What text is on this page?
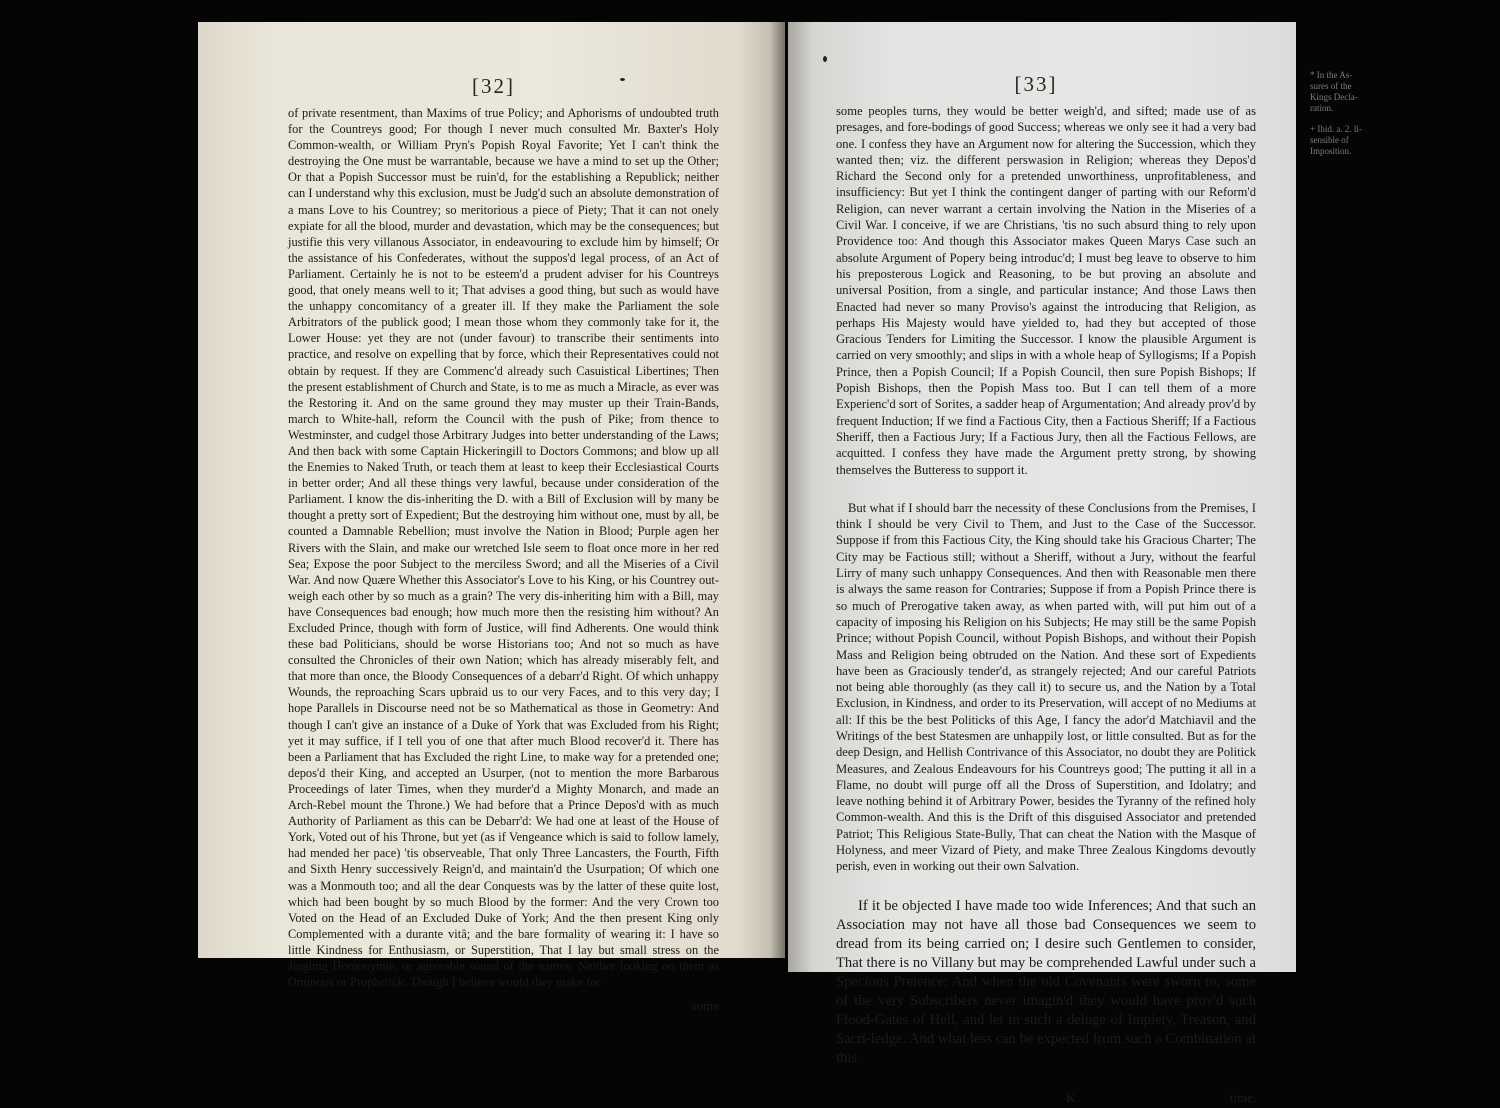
[32]

of private resentment, than Maxims of true Policy; and Aphorisms of undoubted truth for the Countreys good; For though I never much consulted Mr. Baxter's Holy Common-wealth, or William Pryn's Popish Royal Favorite; Yet I can't think the destroying the One must be warrantable, because we have a mind to set up the Other; Or that a Popish Successor must be ruin'd, for the establishing a Republick; neither can I understand why this exclusion, must be Judg'd such an absolute demonstration of a mans Love to his Countrey; so meritorious a piece of Piety; That it can not onely expiate for all the blood, murder and devastation, which may be the consequences; but justifie this very villanous Associator, in endeavouring to exclude him by himself; Or the assistance of his Confederates, without the suppos'd legal process, of an Act of Parliament. Certainly he is not to be esteem'd a prudent adviser for his Countreys good, that onely means well to it; That advises a good thing, but such as would have the unhappy concomitancy of a greater ill. If they make the Parliament the sole Arbitrators of the publick good; I mean those whom they commonly take for it, the Lower House: yet they are not (under favour) to transcribe their sentiments into practice, and resolve on expelling that by force, which their Representatives could not obtain by request. If they are Commenc'd already such Casuistical Libertines; Then the present establishment of Church and State, is to me as much a Miracle, as ever was the Restoring it. And on the same ground they may muster up their Train-Bands, march to White-hall, reform the Council with the push of Pike; from thence to Westminster, and cudgel those Arbitrary Judges into better understanding of the Laws; And then back with some Captain Hickeringill to Doctors Commons; and blow up all the Enemies to Naked Truth, or teach them at least to keep their Ecclesiastical Courts in better order; And all these things very lawful, because under consideration of the Parliament. I know the dis-inheriting the D. with a Bill of Exclusion will by many be thought a pretty sort of Expedient; But the destroying him without one, must by all, be counted a Damnable Rebellion; must involve the Nation in Blood; Purple agen her Rivers with the Slain, and make our wretched Isle seem to float once more in her red Sea; Expose the poor Subject to the merciless Sword; and all the Miseries of a Civil War. And now Quære Whether this Associator's Love to his King, or his Countrey out-weigh each other by so much as a grain? The very dis-inheriting him with a Bill, may have Consequences bad enough; how much more then the resisting him without? An Excluded Prince, though with form of Justice, will find Adherents. One would think these bad Politicians, should be worse Historians too; And not so much as have consulted the Chronicles of their own Nation; which has already miserably felt, and that more than once, the Bloody Consequences of a debarr'd Right. Of which unhappy Wounds, the reproaching Scars upbraid us to our very Faces, and to this very day; I hope Parallels in Discourse need not be so Mathematical as those in Geometry: And though I can't give an instance of a Duke of York that was Excluded from his Right; yet it may suffice, if I tell you of one that after much Blood recover'd it. There has been a Parliament that has Excluded the right Line, to make way for a pretended one; depos'd their King, and accepted an Usurper, (not to mention the more Barbarous Proceedings of later Times, when they murder'd a Mighty Monarch, and made an Arch-Rebel mount the Throne.) We had before that a Prince Depos'd with as much Authority of Parliament as this can be Debarr'd: We had one at least of the House of York, Voted out of his Throne, but yet (as if Vengeance which is said to follow lamely, had mended her pace) 'tis observeable, That only Three Lancasters, the Fourth, Fifth and Sixth Henry successively Reign'd, and maintain'd the Usurpation; Of which one was a Monmouth too; and all the dear Conquests was by the latter of these quite lost, which had been bought by so much Blood by the former: And the very Crown too Voted on the Head of an Excluded Duke of York; And the then present King only Complemented with a durante vitâ; and the bare formality of wearing it: I have so little Kindness for Enthusiasm, or Superstition, That I lay but small stress on the Jingling Homonymie, or agreeable sound of the names; Neither looking on them as Ominous or Prophetick: Though I believe would they make for

some
[33]

some peoples turns, they would be better weigh'd, and sifted; made use of as presages, and fore-bodings of good Success; whereas we only see it had a very bad one. I confess they have an Argument now for altering the Succession, which they wanted then; viz. the different perswasion in Religion; whereas they Depos'd Richard the Second only for a pretended unworthiness, unprofitableness, and insufficiency: But yet I think the contingent danger of parting with our Reform'd Religion, can never warrant a certain involving the Nation in the Miseries of a Civil War. I conceive, if we are Christians, 'tis no such absurd thing to rely upon Providence too: And though this Associator makes Queen Marys Case such an absolute Argument of Popery being introduc'd; I must beg leave to observe to him his preposterous Logick and Reasoning, to be but proving an absolute and universal Position, from a single, and particular instance; And those Laws then Enacted had never so many Proviso's against the introducing that Religion, as perhaps His Majesty would have yielded to, had they but accepted of those Gracious Tenders for Limiting the Successor. I know the plausible Argument is carried on very smoothly; and slips in with a whole heap of Syllogisms; If a Popish Prince, then a Popish Council; If a Popish Council, then sure Popish Bishops; If Popish Bishops, then the Popish Mass too. But I can tell them of a more Experienc'd sort of Sorites, a sadder heap of Argumentation; And already prov'd by frequent Induction; If we find a Factious City, then a Factious Sheriff; If a Factious Sheriff, then a Factious Jury; If a Factious Jury, then all the Factious Fellows, are acquitted. I confess they have made the Argument pretty strong, by showing themselves the Butteress to support it.

But what if I should barr the necessity of these Conclusions from the Premises, I think I should be very Civil to Them, and Just to the Case of the Successor. Suppose if from this Factious City, the King should take his Gracious Charter; The City may be Factious still; without a Sheriff, without a Jury, without the fearful Lirry of many such unhappy Consequences. And then with Reasonable men there is always the same reason for Contraries; Suppose if from a Popish Prince there is so much of Prerogative taken away, as when parted with, will put him out of a capacity of imposing his Religion on his Subjects; He may still be the same Popish Prince; without Popish Council, without Popish Bishops, and without their Popish Mass and Religion being obtruded on the Nation. And these sort of Expedients have been as Graciously tender'd, as strangely rejected; And our careful Patriots not being able thoroughly (as they call it) to secure us, and the Nation by a Total Exclusion, in Kindness, and order to its Preservation, will accept of no Mediums at all: If this be the best Politicks of this Age, I fancy the ador'd Matchiavil and the Writings of the best Statesmen are unhappily lost, or little consulted. But as for the deep Design, and Hellish Contrivance of this Associator, no doubt they are Politick Measures, and Zealous Endeavours for his Countreys good; The putting it all in a Flame, no doubt will purge off all the Dross of Superstition, and Idolatry; and leave nothing behind it of Arbitrary Power, besides the Tyranny of the refined holy Common-wealth. And this is the Drift of this disguised Associator and pretended Patriot; This Religious State-Bully, That can cheat the Nation with the Masque of Holyness, and meer Vizard of Piety, and make Three Zealous Kingdoms devoutly perish, even in working out their own Salvation.

If it be objected I have made too wide Inferences; And that such an Association may not have all those bad Consequences we seem to dread from its being carried on; I desire such Gentlemen to consider, That there is no Villany but may be comprehended Lawful under such a Specious Pretence; And when the old Covenants were sworn to, some of the very Subscribers never imagin'd they would have prov'd such Flood-Gates of Hell, and let in such a deluge of Impiety, Treason, and Sacri-ledge. And what less can be expected from such a Combination at this

K	time.
* In the As-
sures of the
Kings Decla-
ration.
+ Ibid. a. 2. li-
sensible of
Imposition.
